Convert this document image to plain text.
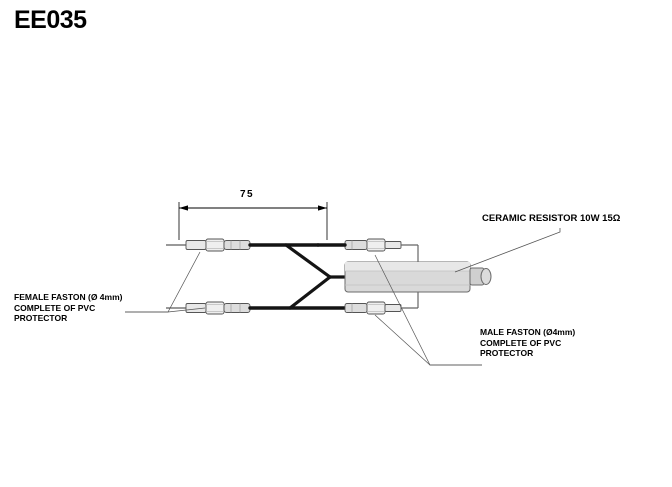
EE035
75
FEMALE FASTON (Ø 4mm) COMPLETE OF PVC PROTECTOR
MALE FASTON (Ø4mm) COMPLETE OF PVC PROTECTOR
CERAMIC RESISTOR 10W 15Ω
